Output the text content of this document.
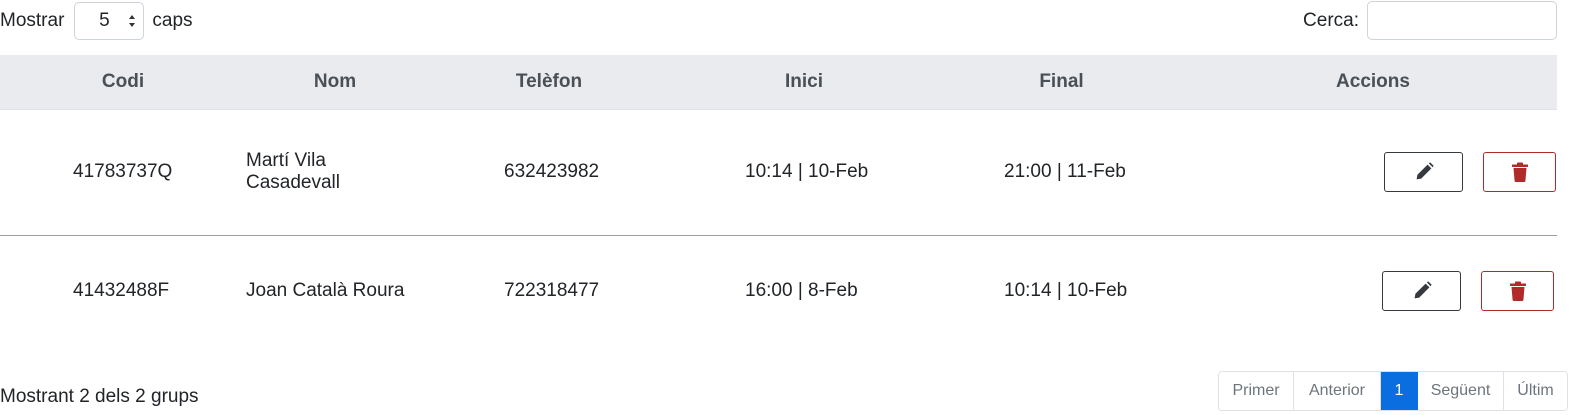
Mostrar 5 caps	Cerca:
Codi	Nom	Telèfon	Inici	Final	Accions
41783737Q	Martí Vila Casadevall	632423982	10:14 | 10-Feb	21:00 | 11-Feb	

41432488F	Joan Català Roura	722318477	16:00 | 8-Feb	10:14 | 10-Feb	
Mostrant 2 dels 2 grups	Primer	Anterior	1	Següent	Últim
